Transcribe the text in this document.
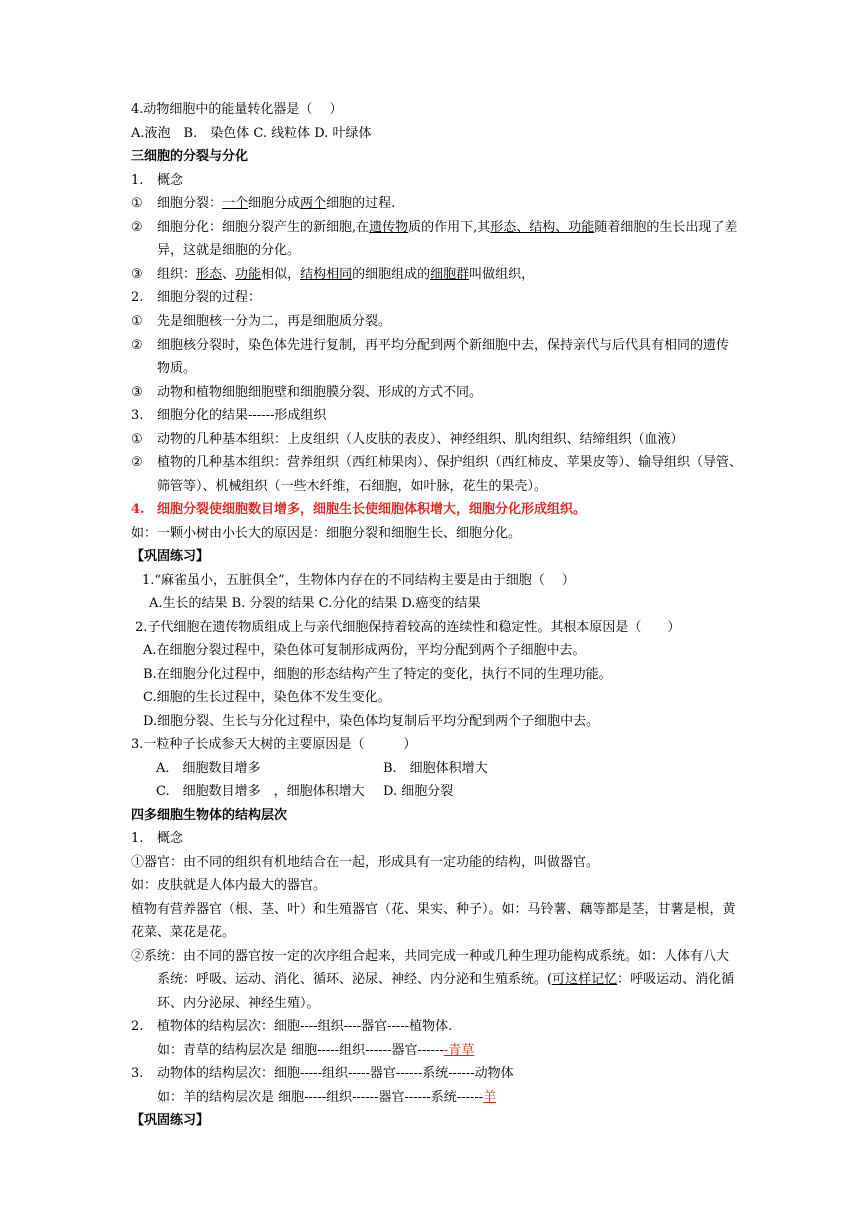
4.动物细胞中的能量转化器是（　 ）
A.液泡　B.　染色体 C. 线粒体 D. 叶绿体
三细胞的分裂与分化
1. 概念
① 细胞分裂：一个细胞分成两个细胞的过程.
② 细胞分化：细胞分裂产生的新细胞,在遗传物质的作用下,其形态、结构、功能随着细胞的生长出现了差
异，这就是细胞的分化。
③ 组织：形态、功能相似，结构相同的细胞组成的细胞群叫做组织，
2. 细胞分裂的过程：
① 先是细胞核一分为二，再是细胞质分裂。
② 细胞核分裂时，染色体先进行复制，再平均分配到两个新细胞中去，保持亲代与后代具有相同的遗传
物质。
③ 动物和植物细胞细胞壁和细胞膜分裂、形成的方式不同。
3. 细胞分化的结果------形成组织
① 动物的几种基本组织：上皮组织（人皮肤的表皮）、神经组织、肌肉组织、结缔组织（血液）
② 植物的几种基本组织：营养组织（西红柿果肉）、保护组织（西红柿皮、苹果皮等）、输导组织（导管、
筛管等）、机械组织（一些木纤维，石细胞，如叶脉，花生的果壳）。
4. 细胞分裂使细胞数目增多，细胞生长使细胞体积增大，细胞分化形成组织。
如：一颗小树由小长大的原因是：细胞分裂和细胞生长、细胞分化。
【巩固练习】
1.“麻雀虽小，五脏俱全”，生物体内存在的不同结构主要是由于细胞（　 ）
A.生长的结果 B. 分裂的结果 C.分化的结果 D.癌变的结果
2.子代细胞在遗传物质组成上与亲代细胞保持着较高的连续性和稳定性。其根本原因是（　　）
A.在细胞分裂过程中，染色体可复制形成两份，平均分配到两个子细胞中去。
B.在细胞分化过程中，细胞的形态结构产生了特定的变化，执行不同的生理功能。
C.细胞的生长过程中，染色体不发生变化。
D.细胞分裂、生长与分化过程中，染色体均复制后平均分配到两个子细胞中去。
3.一粒种子长成参天大树的主要原因是（　　　）
A.　细胞数目增多	B.　细胞体积增大
C.　细胞数目增多　，细胞体积增大 D. 细胞分裂
四多细胞生物体的结构层次
1. 概念
①器官：由不同的组织有机地结合在一起，形成具有一定功能的结构，叫做器官。
如：皮肤就是人体内最大的器官。
植物有营养器官（根、茎、叶）和生殖器官（花、果实、种子）。如：马铃薯、藕等都是茎，甘薯是根，黄
花菜、菜花是花。
②系统：由不同的器官按一定的次序组合起来，共同完成一种或几种生理功能构成系统。如：人体有八大
系统：呼吸、运动、消化、循环、泌尿、神经、内分泌和生殖系统。(可这样记忆：呼吸运动、消化循
环、内分泌尿、神经生殖）。
2. 植物体的结构层次：细胞----组织----器官-----植物体.
如：青草的结构层次是 细胞-----组织------器官-------青草
3. 动物体的结构层次：细胞-----组织-----器官------系统------动物体
如：羊的结构层次是 细胞-----组织------器官------系统------羊
【巩固练习】
